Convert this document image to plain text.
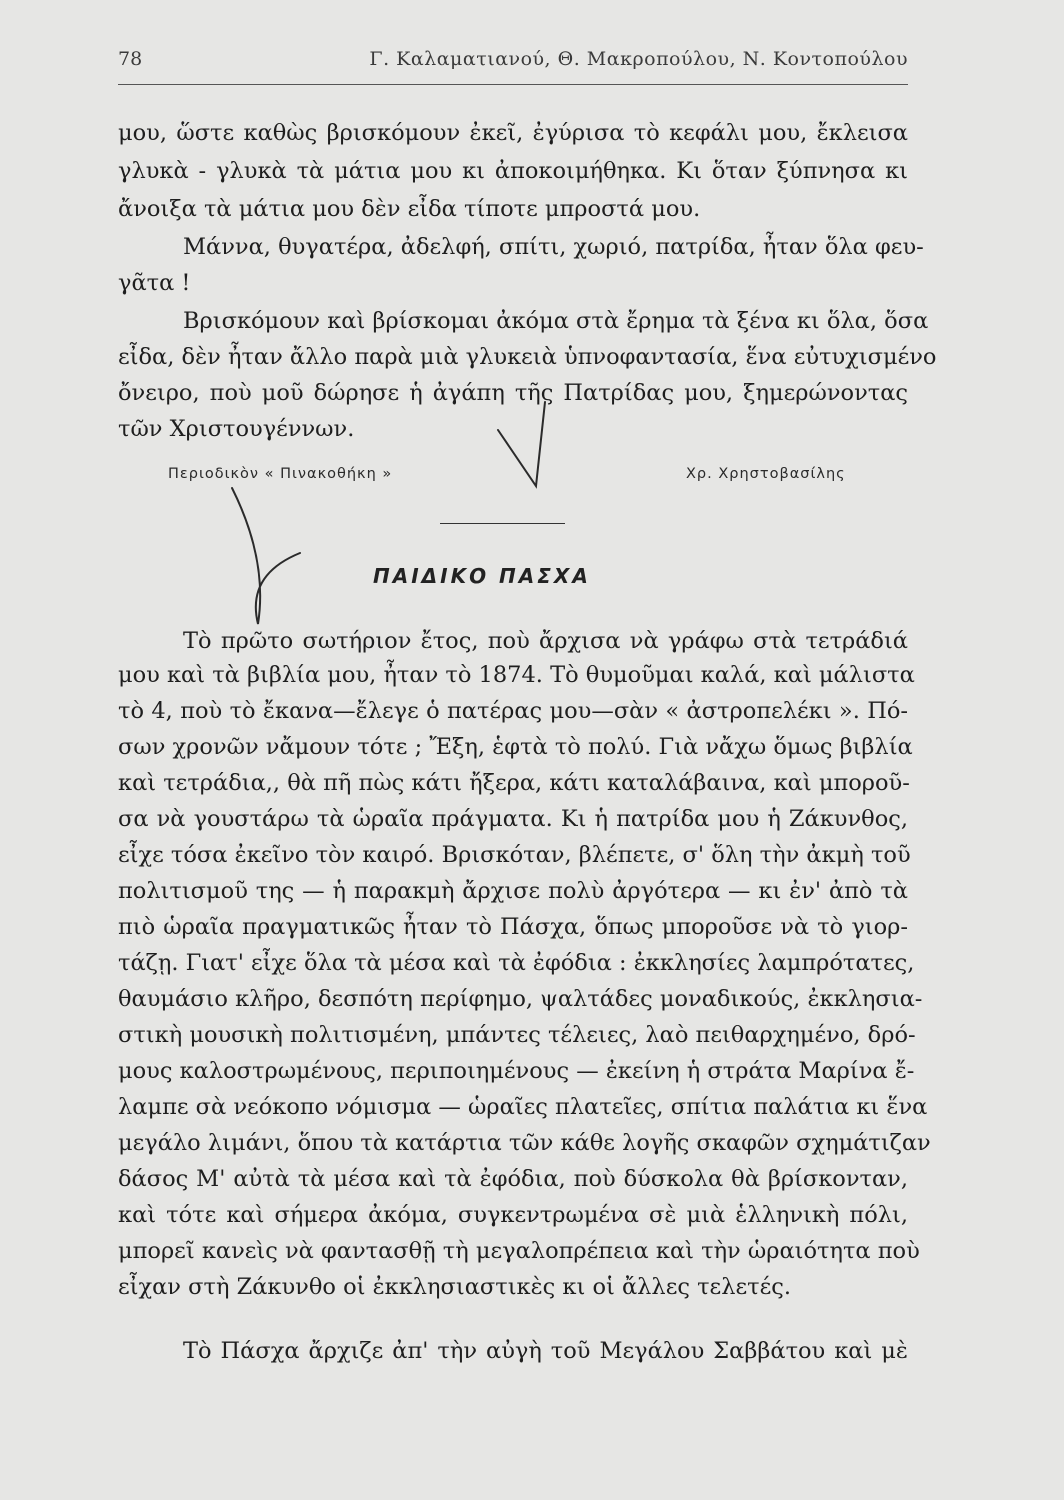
78	Γ. Καλαματιανού, Θ. Μακροπούλου, Ν. Κοντοπούλου
μου, ὥστε καθὼς βρισκόμουν ἐκεῖ, ἐγύρισα τὸ κεφάλι μου, ἔκλεισα
γλυκὰ - γλυκὰ τὰ μάτια μου κι ἀποκοιμήθηκα. Κι ὅταν ξύπνησα κι
ἄνοιξα τὰ μάτια μου δὲν εἶδα τίποτε μπροστά μου.
Μάννα, θυγατέρα, ἀδελφή, σπίτι, χωριό, πατρίδα, ἦταν ὅλα φευ-
γᾶτα !
Βρισκόμουν καὶ βρίσκομαι ἀκόμα στὰ ἔρημα τὰ ξένα κι ὅλα, ὅσα
εἶδα, δὲν ἦταν ἄλλο παρὰ μιὰ γλυκειὰ ὑπνοφαντασία, ἕνα εὐτυχισμένο
ὄνειρο, ποὺ μοῦ δώρησε ἡ ἀγάπη τῆς Πατρίδας μου, ξημερώνοντας
τῶν Χριστουγέννων.
Περιοδικὸν « Πινακοθήκη »	Χρ. Χρηστοβασίλης
ΠΑΙΔΙΚΟ ΠΑΣΧΑ
Τὸ πρῶτο σωτήριον ἔτος, ποὺ ἄρχισα νὰ γράφω στὰ τετράδιά
μου καὶ τὰ βιβλία μου, ἦταν τὸ 1874. Τὸ θυμοῦμαι καλά, καὶ μάλιστα
τὸ 4, ποὺ τὸ ἔκανα—ἔλεγε ὁ πατέρας μου—σὰν « ἀστροπελέκι ». Πό-
σων χρονῶν νἄμουν τότε ; Ἔξη, ἑφτὰ τὸ πολύ. Γιὰ νἄχω ὅμως βιβλία
καὶ τετράδια,, θὰ πῆ πὼς κάτι ἤξερα, κάτι καταλάβαινα, καὶ μποροῦ-
σα νὰ γουστάρω τὰ ὡραῖα πράγματα. Κι ἡ πατρίδα μου ἡ Ζάκυνθος,
εἶχε τόσα ἐκεῖνο τὸν καιρό. Βρισκόταν, βλέπετε, σ' ὅλη τὴν ἀκμὴ τοῦ
πολιτισμοῦ της — ἡ παρακμὴ ἄρχισε πολὺ ἀργότερα — κι ἐν' ἀπὸ τὰ
πιὸ ὡραῖα πραγματικῶς ἦταν τὸ Πάσχα, ὅπως μποροῦσε νὰ τὸ γιορ-
τάζῃ. Γιατ' εἶχε ὅλα τὰ μέσα καὶ τὰ ἐφόδια : ἐκκλησίες λαμπρότατες,
θαυμάσιο κλῆρο, δεσπότη περίφημο, ψαλτάδες μοναδικούς, ἐκκλησια-
στικὴ μουσικὴ πολιτισμένη, μπάντες τέλειες, λαὸ πειθαρχημένο, δρό-
μους καλοστρωμένους, περιποιημένους — ἐκείνη ἡ στράτα Μαρίνα ἔ-
λαμπε σὰ νεόκοπο νόμισμα — ὡραῖες πλατεῖες, σπίτια παλάτια κι ἕνα
μεγάλο λιμάνι, ὅπου τὰ κατάρτια τῶν κάθε λογῆς σκαφῶν σχημάτιζαν
δάσος Μ' αὐτὰ τὰ μέσα καὶ τὰ ἐφόδια, ποὺ δύσκολα θὰ βρίσκονταν,
καὶ τότε καὶ σήμερα ἀκόμα, συγκεντρωμένα σὲ μιὰ ἑλληνικὴ πόλι,
μπορεῖ κανεὶς νὰ φαντασθῇ τὴ μεγαλοπρέπεια καὶ τὴν ὡραιότητα ποὺ
εἶχαν στὴ Ζάκυνθο οἱ ἐκκλησιαστικὲς κι οἱ ἄλλες τελετές.
Τὸ Πάσχα ἄρχιζε ἀπ' τὴν αὐγὴ τοῦ Μεγάλου Σαββάτου καὶ μὲ
